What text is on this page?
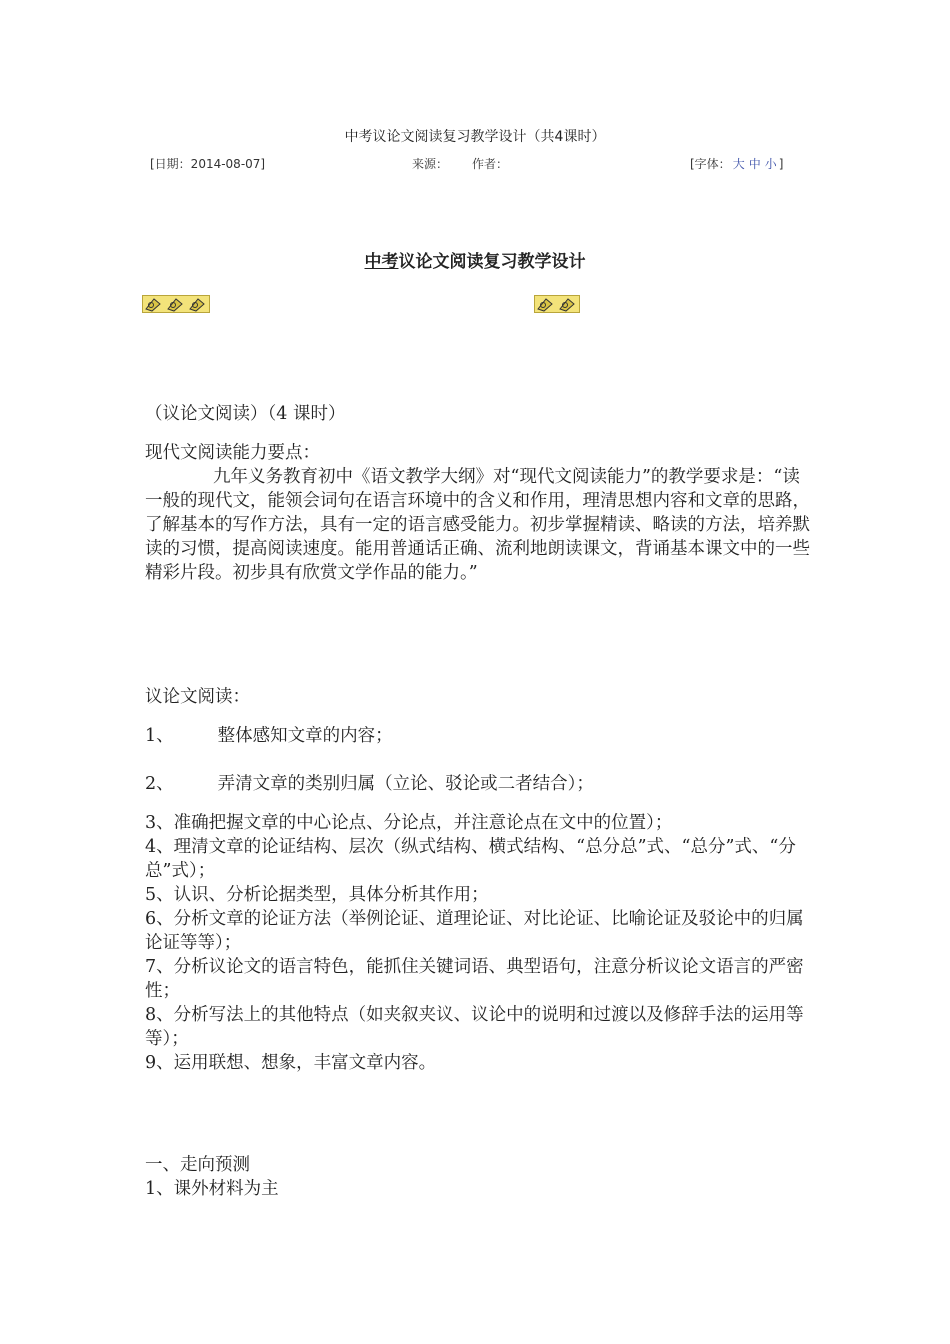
中考议论文阅读复习教学设计（共4课时）
[日期：2014-08-07]	来源： 作者：	[字体： 大 中 小 ]
中考议论文阅读复习教学设计
（议论文阅读）（4 课时）

现代文阅读能力要点：

九年义务教育初中《语文教学大纲》对“现代文阅读能力”的教学要求是：“读一般的现代文，能领会词句在语言环境中的含义和作用，理清思想内容和文章的思路，了解基本的写作方法，具有一定的语言感受能力。初步掌握精读、略读的方法，培养默读的习惯，提高阅读速度。能用普通话正确、流利地朗读课文，背诵基本课文中的一些精彩片段。初步具有欣赏文学作品的能力。”

议论文阅读：
1、	整体感知文章的内容；
2、	弄清文章的类别归属（立论、驳论或二者结合）；

3、准确把握文章的中心论点、分论点，并注意论点在文中的位置）；

4、理清文章的论证结构、层次（纵式结构、横式结构、“总分总”式、“总分”式、“分总”式）；

5、认识、分析论据类型，具体分析其作用；

6、分析文章的论证方法（举例论证、道理论证、对比论证、比喻论证及驳论中的归属论证等等）；

7、分析议论文的语言特色，能抓住关键词语、典型语句，注意分析议论文语言的严密性；

8、分析写法上的其他特点（如夹叙夹议、议论中的说明和过渡以及修辞手法的运用等等）；

9、运用联想、想象，丰富文章内容。

一、走向预测

1、课外材料为主
